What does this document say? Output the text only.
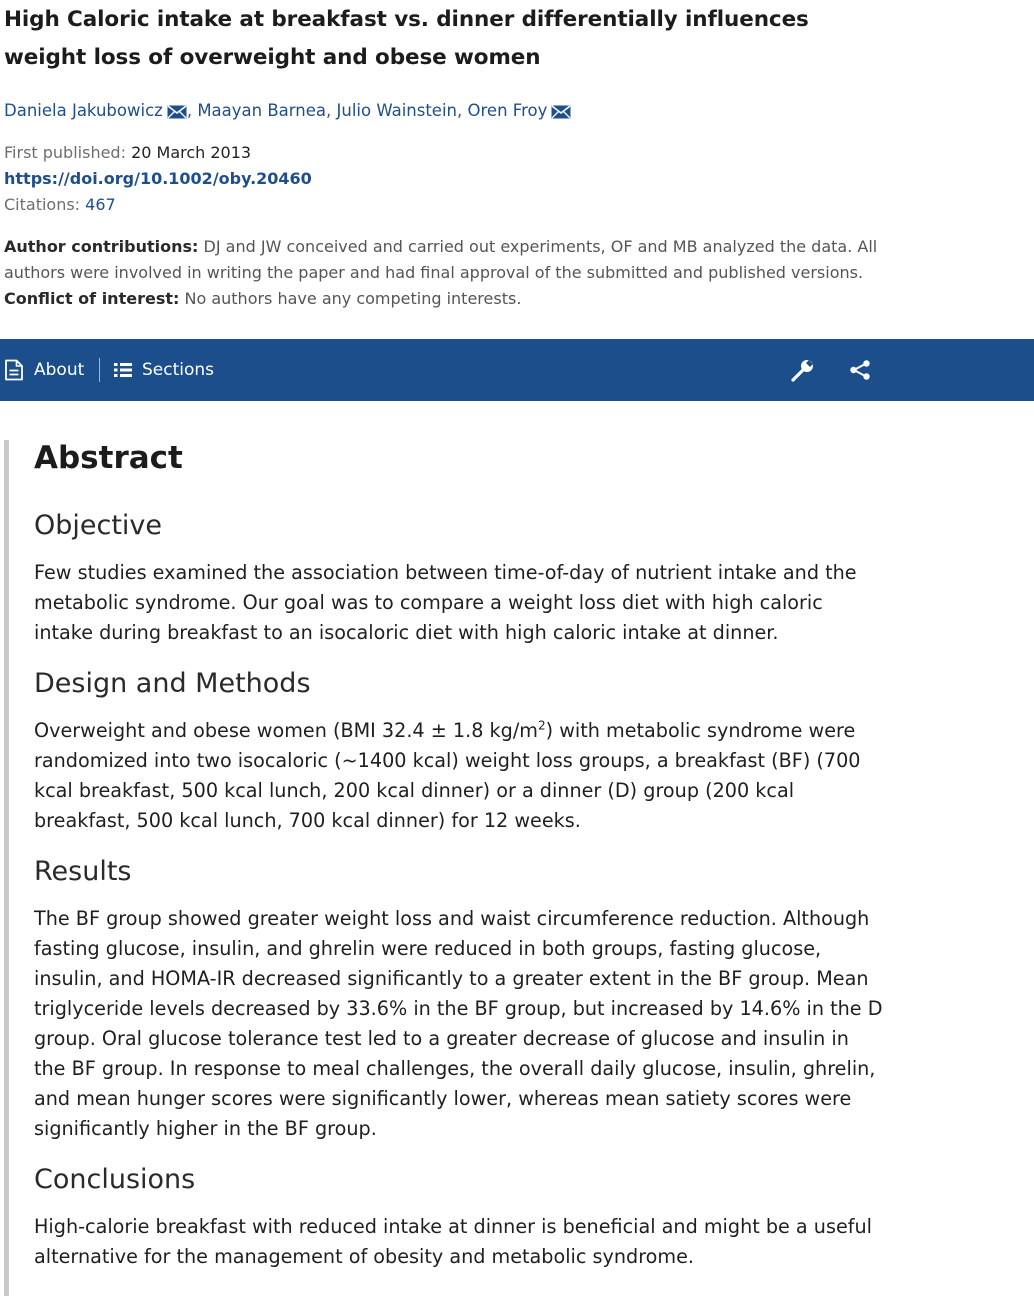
High Caloric intake at breakfast vs. dinner differentially influences weight loss of overweight and obese women
Daniela Jakubowicz , Maayan Barnea, Julio Wainstein, Oren Froy
First published: 20 March 2013
https://doi.org/10.1002/oby.20460
Citations: 467
Author contributions: DJ and JW conceived and carried out experiments, OF and MB analyzed the data. All authors were involved in writing the paper and had final approval of the submitted and published versions.
Conflict of interest: No authors have any competing interests.
About	Sections
Abstract
Objective

Few studies examined the association between time-of-day of nutrient intake and the metabolic syndrome. Our goal was to compare a weight loss diet with high caloric intake during breakfast to an isocaloric diet with high caloric intake at dinner.

Design and Methods

Overweight and obese women (BMI 32.4 ± 1.8 $kg/m^2$) with metabolic syndrome were randomized into two isocaloric (~1400 kcal) weight loss groups, a breakfast (BF) (700 kcal breakfast, 500 kcal lunch, 200 kcal dinner) or a dinner (D) group (200 kcal breakfast, 500 kcal lunch, 700 kcal dinner) for 12 weeks.

Results

The BF group showed greater weight loss and waist circumference reduction. Although fasting glucose, insulin, and ghrelin were reduced in both groups, fasting glucose, insulin, and HOMA-IR decreased significantly to a greater extent in the BF group. Mean triglyceride levels decreased by 33.6% in the BF group, but increased by 14.6% in the D group. Oral glucose tolerance test led to a greater decrease of glucose and insulin in the BF group. In response to meal challenges, the overall daily glucose, insulin, ghrelin, and mean hunger scores were significantly lower, whereas mean satiety scores were significantly higher in the BF group.

Conclusions

High-calorie breakfast with reduced intake at dinner is beneficial and might be a useful alternative for the management of obesity and metabolic syndrome.
